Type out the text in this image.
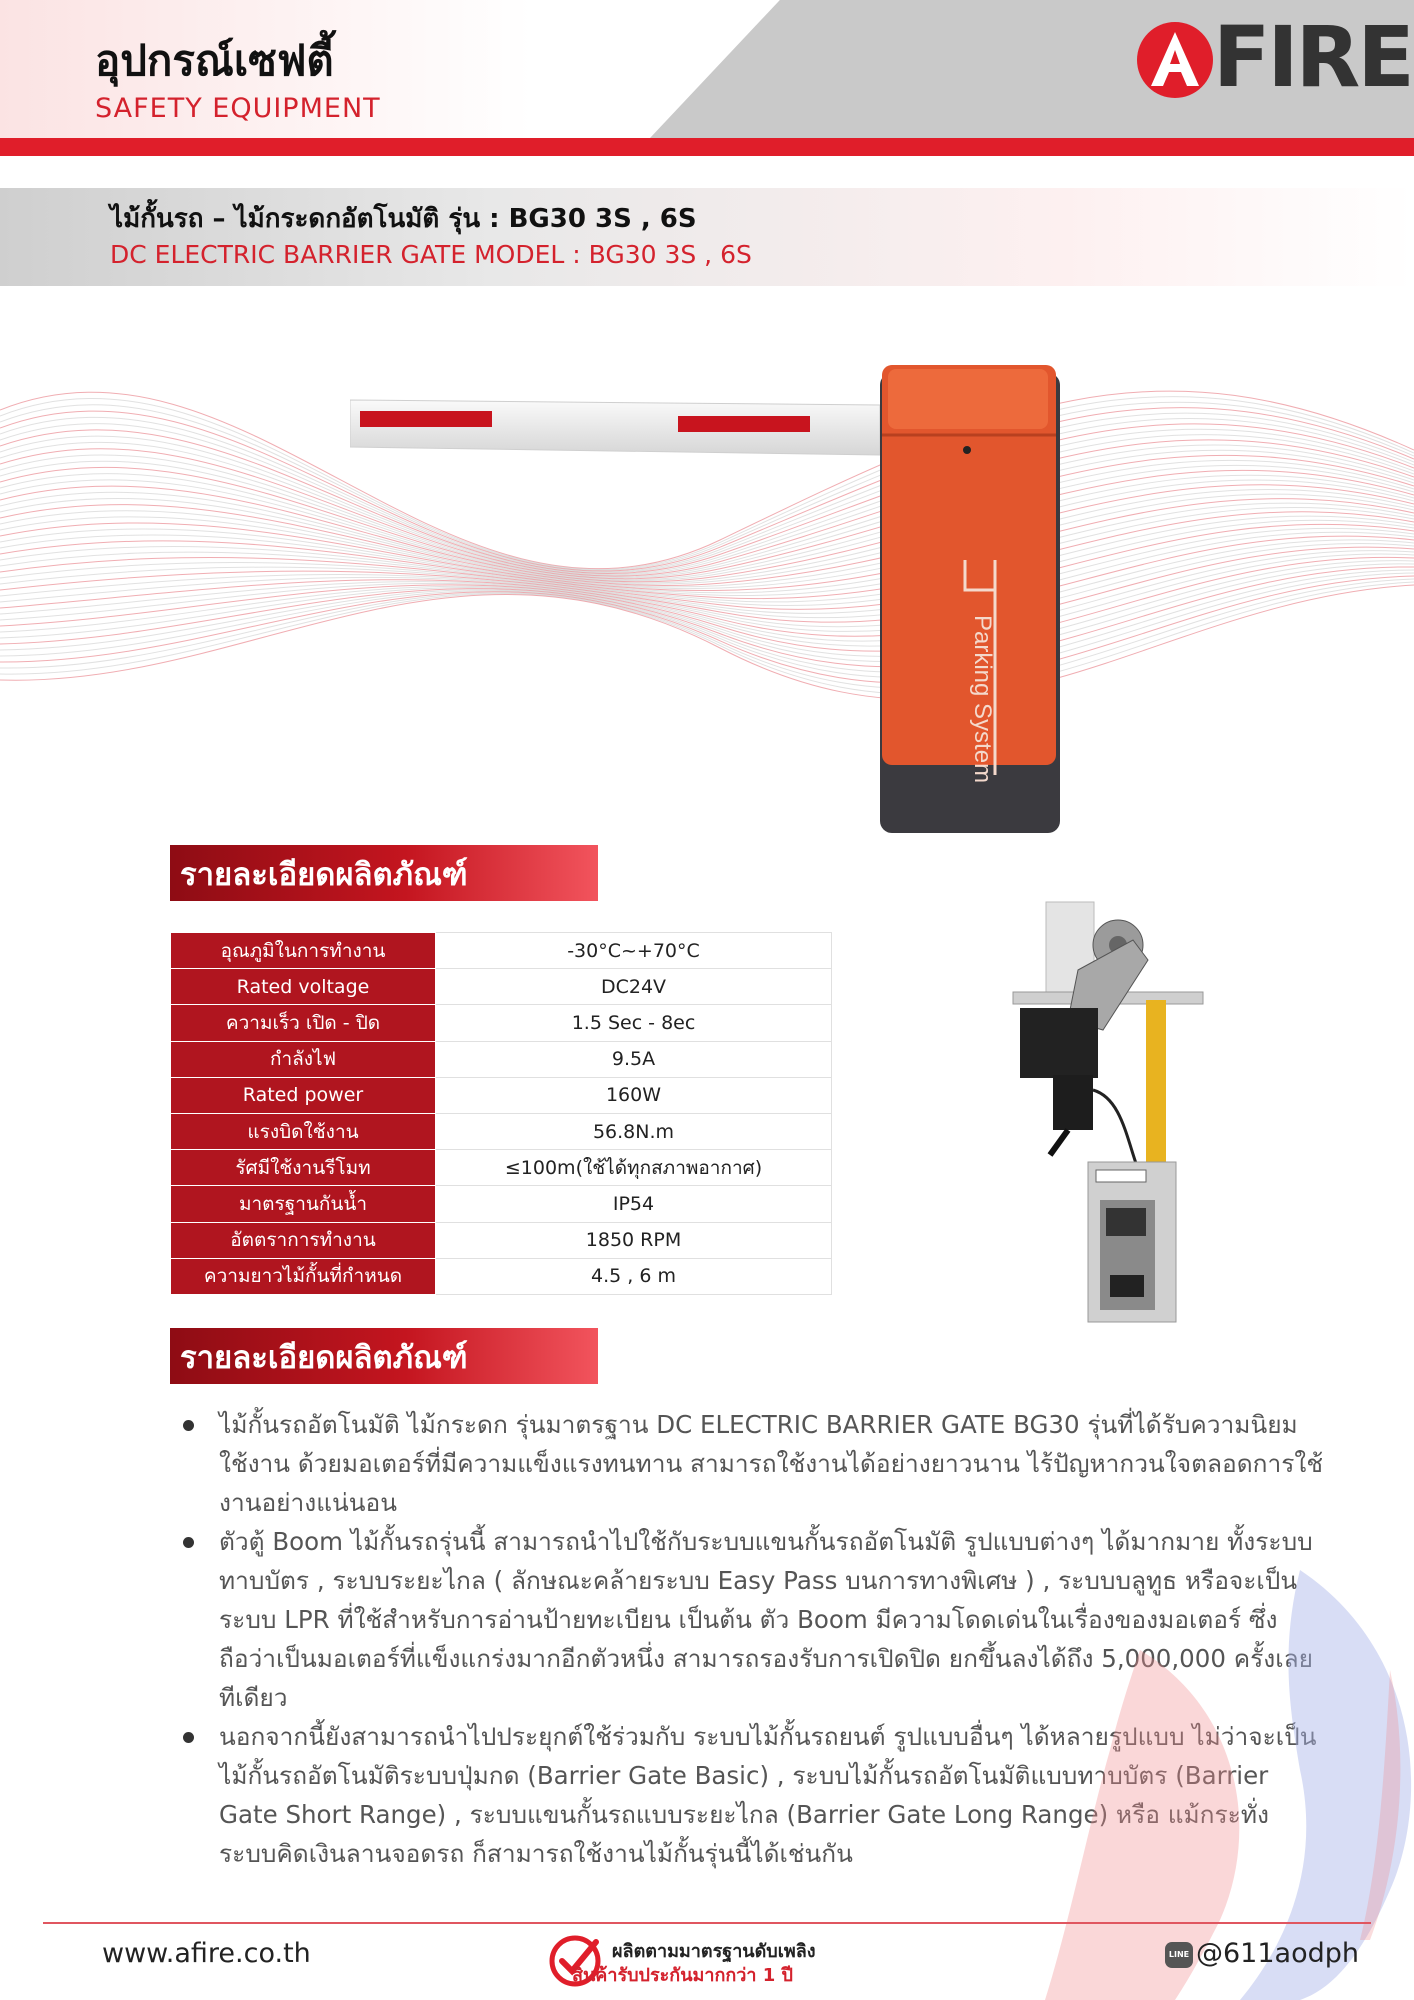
อุปกรณ์เซฟตี้
SAFETY EQUIPMENT
FIRE
ไม้กั้นรถ – ไม้กระดกอัตโนมัติ รุ่น : BG30 3S , 6S
DC ELECTRIC BARRIER GATE MODEL : BG30 3S , 6S
Parking System
รายละเอียดผลิตภัณฑ์
อุณภูมิในการทำงาน	-30°C~+70°C
Rated voltage	DC24V
ความเร็ว เปิด - ปิด	1.5 Sec - 8ec
กำลังไฟ	9.5A
Rated power	160W
แรงบิดใช้งาน	56.8N.m
รัศมีใช้งานรีโมท	≤100m(ใช้ได้ทุกสภาพอากาศ)
มาตรฐานกันน้ำ	IP54
อัตตราการทำงาน	1850 RPM
ความยาวไม้กั้นที่กำหนด	4.5 , 6 m
รายละเอียดผลิตภัณฑ์
ไม้กั้นรถอัตโนมัติ ไม้กระดก รุ่นมาตรฐาน DC ELECTRIC BARRIER GATE BG30 รุ่นที่ได้รับความนิยมใช้งาน ด้วยมอเตอร์ที่มีความแข็งแรงทนทาน สามารถใช้งานได้อย่างยาวนาน ไร้ปัญหากวนใจตลอดการใช้งานอย่างแน่นอน
ตัวตู้ Boom ไม้กั้นรถรุ่นนี้ สามารถนำไปใช้กับระบบแขนกั้นรถอัตโนมัติ รูปแบบต่างๆ ได้มากมาย ทั้งระบบทาบบัตร , ระบบระยะไกล ( ลักษณะคล้ายระบบ Easy Pass บนการทางพิเศษ ) , ระบบบลูทูธ หรือจะเป็นระบบ LPR ที่ใช้สำหรับการอ่านป้ายทะเบียน เป็นต้น ตัว Boom มีความโดดเด่นในเรื่องของมอเตอร์ ซึ่งถือว่าเป็นมอเตอร์ที่แข็งแกร่งมากอีกตัวหนึ่ง สามารถรองรับการเปิดปิด ยกขึ้นลงได้ถึง 5,000,000 ครั้งเลยทีเดียว
นอกจากนี้ยังสามารถนำไปประยุกต์ใช้ร่วมกับ ระบบไม้กั้นรถยนต์ รูปแบบอื่นๆ ได้หลายรูปแบบ ไม่ว่าจะเป็น ไม้กั้นรถอัตโนมัติระบบปุ่มกด (Barrier Gate Basic) , ระบบไม้กั้นรถอัตโนมัติแบบทาบบัตร (Barrier Gate Short Range) , ระบบแขนกั้นรถแบบระยะไกล (Barrier Gate Long Range) หรือ แม้กระทั่ง ระบบคิดเงินลานจอดรถ ก็สามารถใช้งานไม้กั้นรุ่นนี้ได้เช่นกัน
www.afire.co.th	ผลิตตามมาตรฐานดับเพลิง
สินค้ารับประกันมากกว่า 1 ปี
LINE @611aodph
